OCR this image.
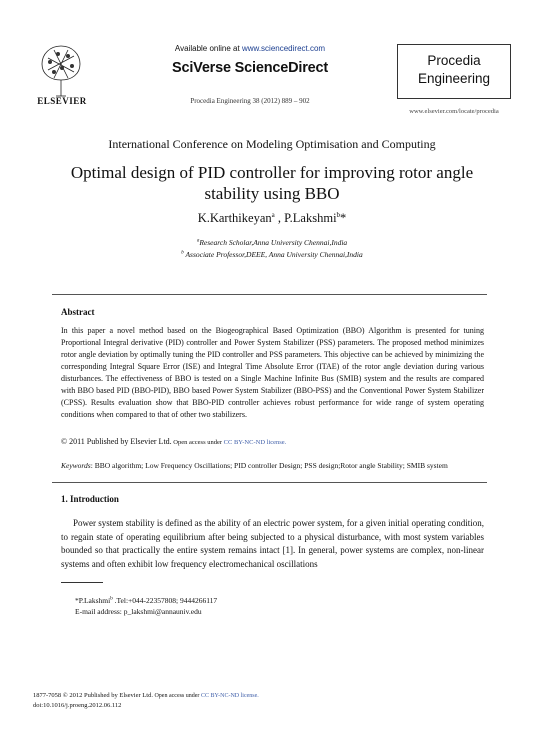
ELSEVIER
Available online at www.sciencedirect.com
SciVerse ScienceDirect
Procedia Engineering 38 (2012) 889 – 902
Procedia
Engineering
www.elsevier.com/locate/procedia
International Conference on Modeling Optimisation and Computing
Optimal design of PID controller for improving rotor angle
stability using BBO
K.Karthikeyan$^a$ , P.Lakshmi$^b$*
$^a$Research Scholar,Anna University Chennai,India
$^b$ Associate Professor,DEEE, Anna University Chennai,India
Abstract
In this paper a novel method based on the Biogeographical Based Optimization (BBO) Algorithm is presented for tuning Proportional Integral derivative (PID) controller and Power System Stabilizer (PSS) parameters. The proposed method minimizes rotor angle deviation by optimally tuning the PID controller and PSS parameters. This objective can be achieved by minimizing the corresponding Integral Square Error (ISE) and Integral Time Absolute Error (ITAE) of the rotor angle deviation during various disturbances. The effectiveness of BBO is tested on a Single Machine Infinite Bus (SMIB) system and the results are compared with BBO based PID (BBO-PID), BBO based Power System Stabilizer (BBO-PSS) and the Conventional Power System Stabilizer (CPSS). Results evaluation show that BBO-PID controller achieves robust performance for wide range of system operating conditions when compared to that of other two stabilizers.
© 2011 Published by Elsevier Ltd. Open access under CC BY-NC-ND license.
Keywords: BBO algorithm; Low Frequency Oscillations; PID controller Design; PSS design;Rotor angle Stability; SMIB system
1. Introduction
Power system stability is defined as the ability of an electric power system, for a given initial operating condition, to regain state of operating equilibrium after being subjected to a physical disturbance, with most system variables bounded so that practically the entire system remains intact [1]. In general, power systems are complex, non-linear systems and often exhibit low frequency electromechanical oscillations
*P.Lakshmi$^b$ .Tel:+044-22357808; 9444266117
E-mail address: p_lakshmi@annauniv.edu
1877-7058 © 2012 Published by Elsevier Ltd. Open access under CC BY-NC-ND license.
doi:10.1016/j.proeng.2012.06.112
